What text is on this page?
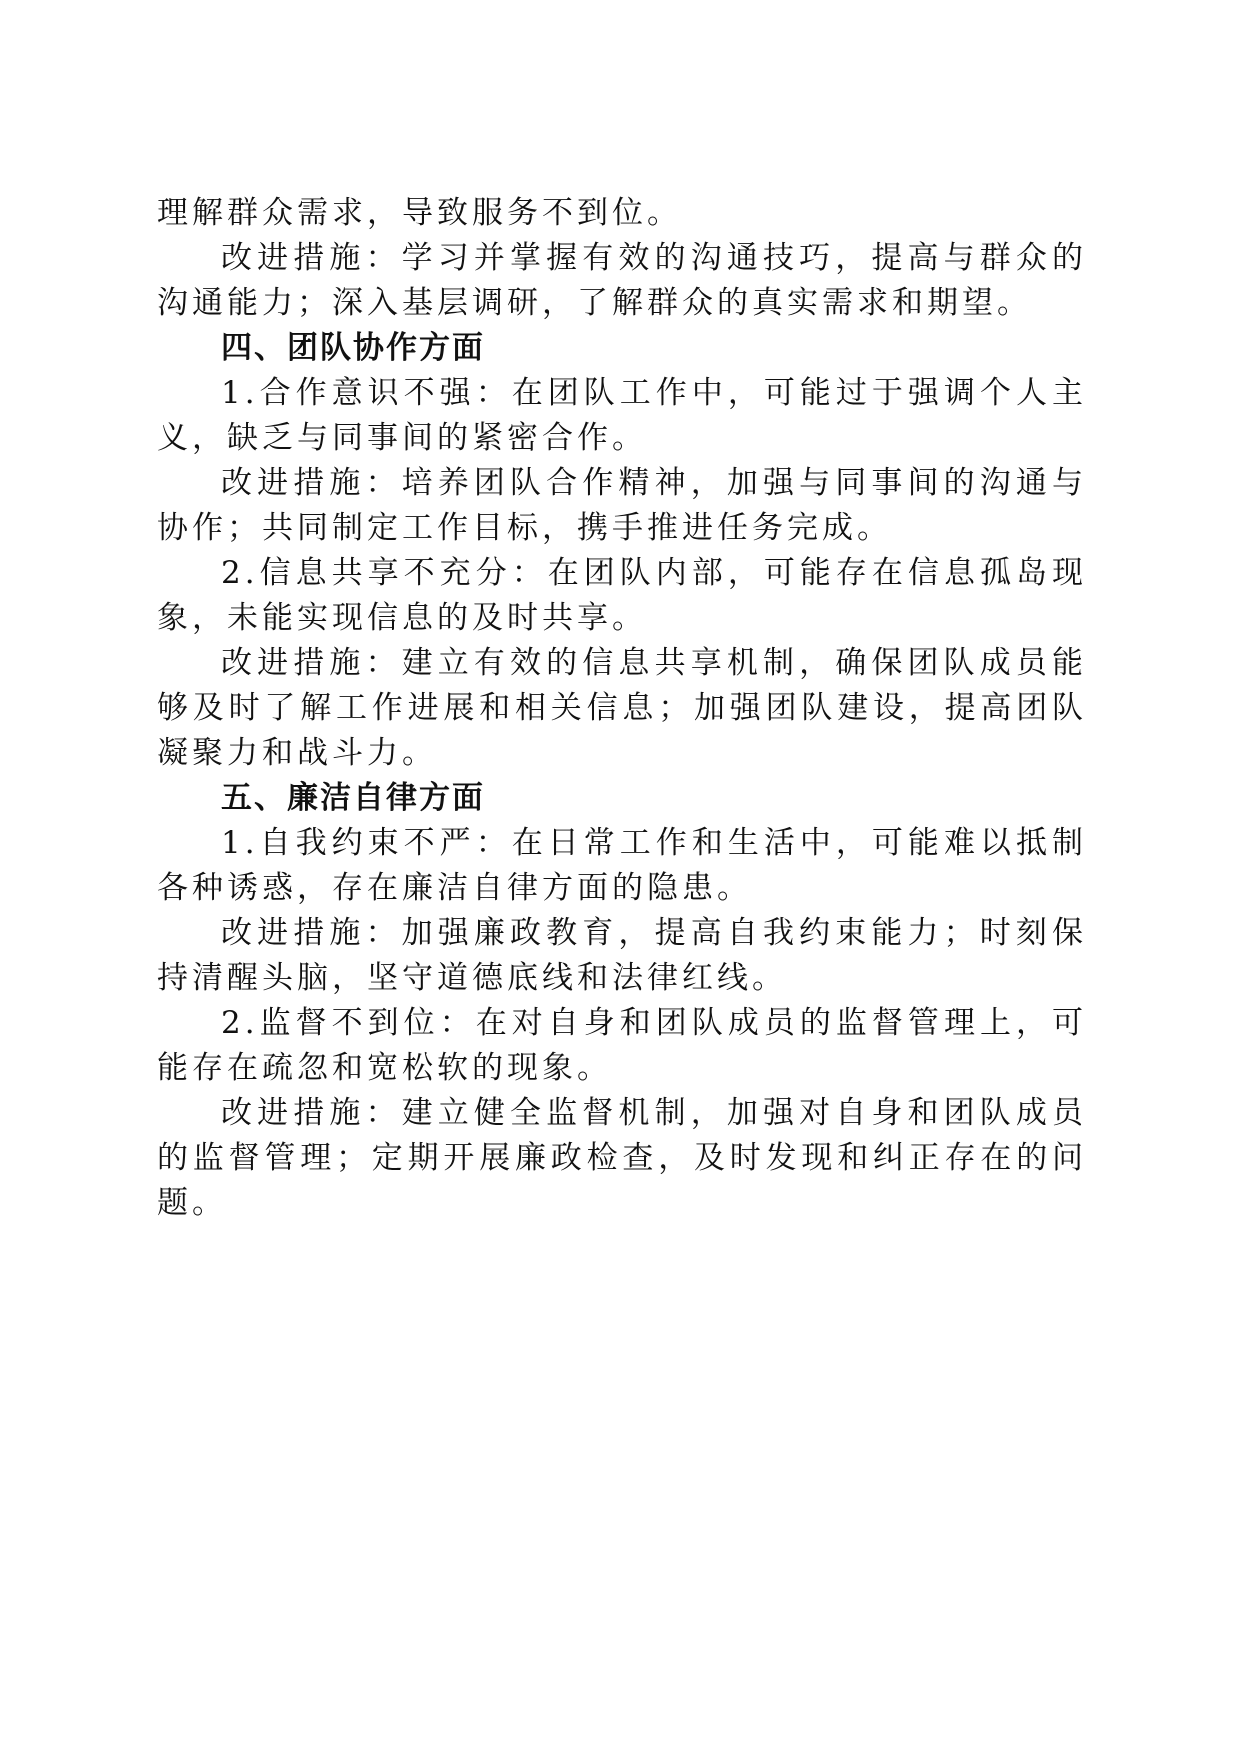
理解群众需求，导致服务不到位。

改进措施：学习并掌握有效的沟通技巧，提高与群众的沟通能力；深入基层调研，了解群众的真实需求和期望。

四、团队协作方面

1.合作意识不强：在团队工作中，可能过于强调个人主义，缺乏与同事间的紧密合作。

改进措施：培养团队合作精神，加强与同事间的沟通与协作；共同制定工作目标，携手推进任务完成。

2.信息共享不充分：在团队内部，可能存在信息孤岛现象，未能实现信息的及时共享。

改进措施：建立有效的信息共享机制，确保团队成员能够及时了解工作进展和相关信息；加强团队建设，提高团队凝聚力和战斗力。

五、廉洁自律方面

1.自我约束不严：在日常工作和生活中，可能难以抵制各种诱惑，存在廉洁自律方面的隐患。

改进措施：加强廉政教育，提高自我约束能力；时刻保持清醒头脑，坚守道德底线和法律红线。

2.监督不到位：在对自身和团队成员的监督管理上，可能存在疏忽和宽松软的现象。

改进措施：建立健全监督机制，加强对自身和团队成员的监督管理；定期开展廉政检查，及时发现和纠正存在的问题。
